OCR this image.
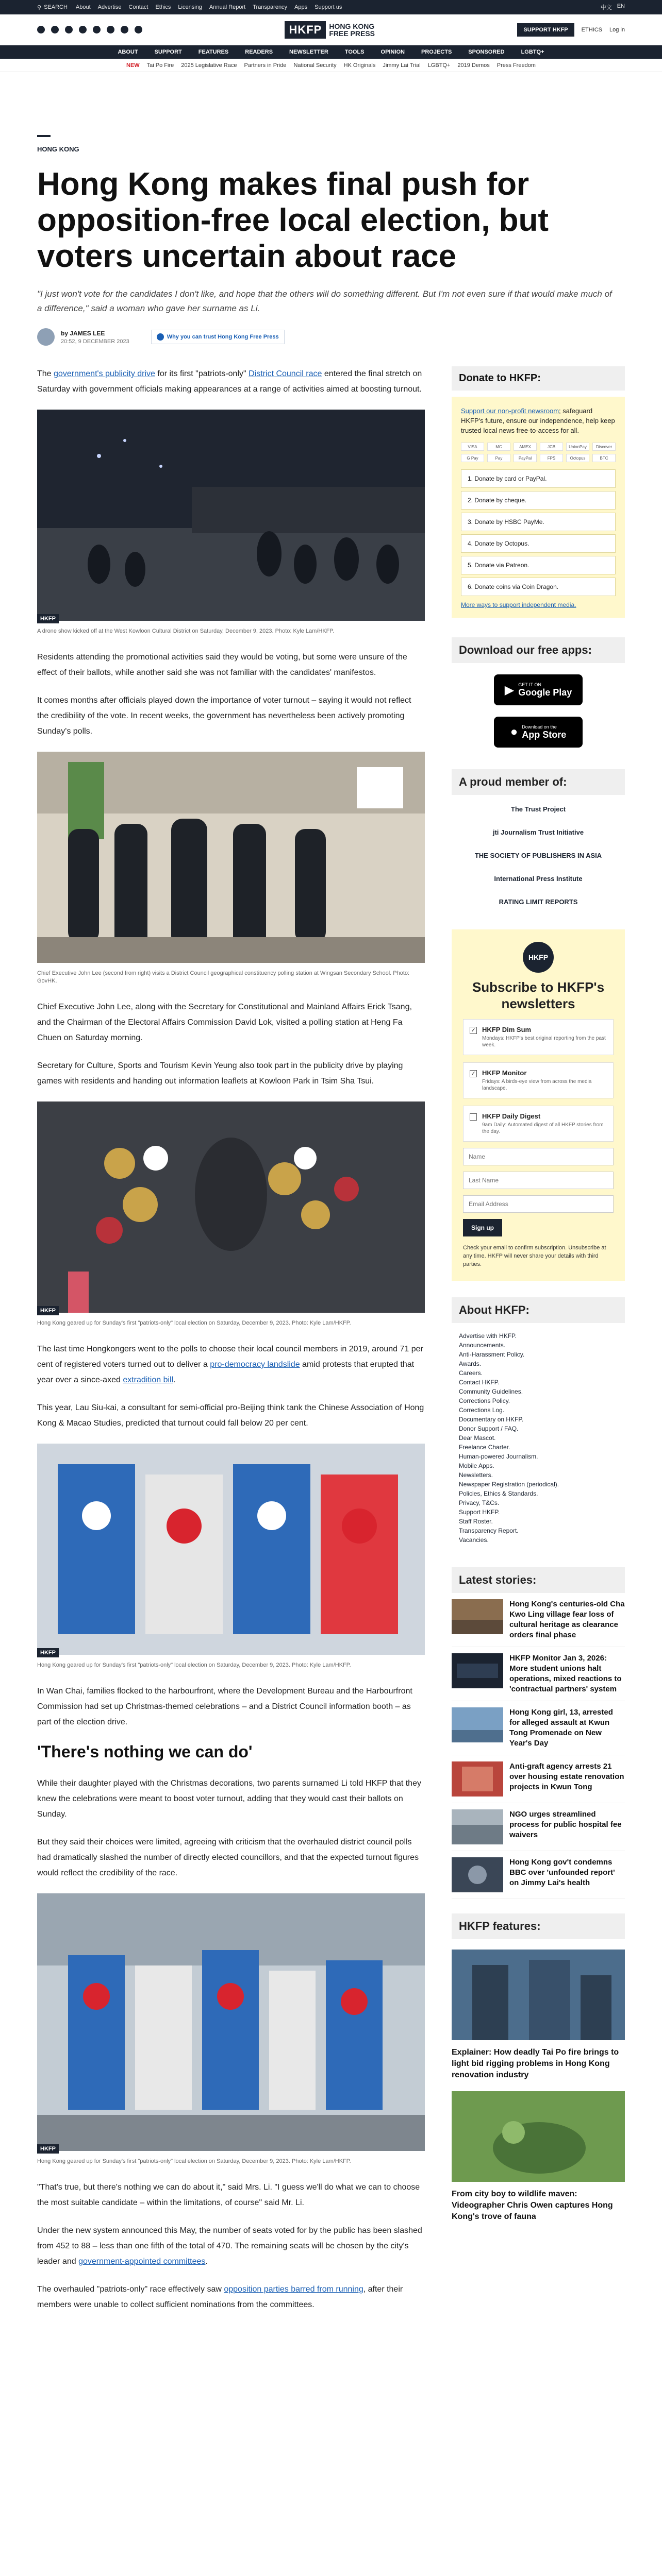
⚲ SEARCH About Advertise Contact Ethics Licensing Annual Report Transparency Apps Support us	中文 EN
HKFP	HONG KONG
FREE PRESS	SUPPORT HKFP	ETHICS Log in
ABOUT	SUPPORT	FEATURES	READERS	NEWSLETTER	TOOLS	OPINION	PROJECTS	SPONSORED	LGBTQ+
NEW Tai Po Fire 2025 Legislative Race Partners in Pride National Security HK Originals Jimmy Lai Trial LGBTQ+ 2019 Demos Press Freedom
HONG KONG
Hong Kong makes final push for opposition-free local election, but voters uncertain about race
"I just won't vote for the candidates I don't like, and hope that the others will do something different. But I'm not even sure if that would make much of a difference," said a woman who gave her surname as Li.
by JAMES LEE
20:52, 9 DECEMBER 2023
Why you can trust Hong Kong Free Press

The government's publicity drive for its first "patriots-only" District Council race entered the final stretch on Saturday with government officials making appearances at a range of activities aimed at boosting turnout.

HKFP
A drone show kicked off at the West Kowloon Cultural District on Saturday, December 9, 2023. Photo: Kyle Lam/HKFP.

Residents attending the promotional activities said they would be voting, but some were unsure of the effect of their ballots, while another said she was not familiar with the candidates' manifestos.

It comes months after officials played down the importance of voter turnout – saying it would not reflect the credibility of the vote. In recent weeks, the government has nevertheless been actively promoting Sunday's polls.

Chief Executive John Lee (second from right) visits a District Council geographical constituency polling station at Wingsan Secondary School. Photo: GovHK.

Chief Executive John Lee, along with the Secretary for Constitutional and Mainland Affairs Erick Tsang, and the Chairman of the Electoral Affairs Commission David Lok, visited a polling station at Heng Fa Chuen on Saturday morning.

Secretary for Culture, Sports and Tourism Kevin Yeung also took part in the publicity drive by playing games with residents and handing out information leaflets at Kowloon Park in Tsim Sha Tsui.

HKFP
Hong Kong geared up for Sunday's first "patriots-only" local election on Saturday, December 9, 2023. Photo: Kyle Lam/HKFP.

The last time Hongkongers went to the polls to choose their local council members in 2019, around 71 per cent of registered voters turned out to deliver a pro-democracy landslide amid protests that erupted that year over a since-axed extradition bill.

This year, Lau Siu-kai, a consultant for semi-official pro-Beijing think tank the Chinese Association of Hong Kong & Macao Studies, predicted that turnout could fall below 20 per cent.

HKFP
Hong Kong geared up for Sunday's first "patriots-only" local election on Saturday, December 9, 2023. Photo: Kyle Lam/HKFP.

In Wan Chai, families flocked to the harbourfront, where the Development Bureau and the Harbourfront Commission had set up Christmas-themed celebrations – and a District Council information booth – as part of the election drive.

'There's nothing we can do'

While their daughter played with the Christmas decorations, two parents surnamed Li told HKFP that they knew the celebrations were meant to boost voter turnout, adding that they would cast their ballots on Sunday.

But they said their choices were limited, agreeing with criticism that the overhauled district council polls had dramatically slashed the number of directly elected councillors, and that the expected turnout figures would reflect the credibility of the race.

HKFP
Hong Kong geared up for Sunday's first "patriots-only" local election on Saturday, December 9, 2023. Photo: Kyle Lam/HKFP.

"That's true, but there's nothing we can do about it," said Mrs. Li. "I guess we'll do what we can to choose the most suitable candidate – within the limitations, of course" said Mr. Li.

Under the new system announced this May, the number of seats voted for by the public has been slashed from 452 to 88 – less than one fifth of the total of 470. The remaining seats will be chosen by the city's leader and government-appointed committees.

The overhauled "patriots-only" race effectively saw opposition parties barred from running, after their members were unable to collect sufficient nominations from the committees.

Donate to HKFP:

Support our non-profit newsroom; safeguard HKFP's future, ensure our independence, help keep trusted local news free-to-access for all.

VISA	MC	AMEX	JCB	UnionPay	Discover
G Pay	Pay	PayPal	FPS	Octopus	BTC
1. Donate by card or PayPal.
2. Donate by cheque.
3. Donate by HSBC PayMe.
4. Donate by Octopus.
5. Donate via Patreon.
6. Donate coins via Coin Dragon.
More ways to support independent media.
Download our free apps:
▶ GET IT ON
Google Play
● Download on the
App Store
A proud member of:
The Trust Project
jti Journalism Trust Initiative
THE SOCIETY OF PUBLISHERS IN ASIA
International Press Institute
RATING LIMIT REPORTS
HKFP
Subscribe to HKFP's newsletters
✓ HKFP Dim Sum
Mondays: HKFP's best original reporting from the past week.
✓ HKFP Monitor
Fridays: A birds-eye view from across the media landscape.
HKFP Daily Digest
9am Daily: Automated digest of all HKFP stories from the day.
Name Last Name Email Address Sign up
Check your email to confirm subscription. Unsubscribe at any time. HKFP will never share your details with third parties.
About HKFP:
Advertise with HKFP.
Announcements.
Anti-Harassment Policy.
Awards.
Careers.
Contact HKFP.
Community Guidelines.
Corrections Policy.
Corrections Log.
Documentary on HKFP.
Donor Support / FAQ.
Dear Mascot.
Freelance Charter.
Human-powered Journalism.
Mobile Apps.
Newsletters.
Newspaper Registration (periodical).
Policies, Ethics & Standards.
Privacy, T&Cs.
Support HKFP.
Staff Roster.
Transparency Report.
Vacancies.
Latest stories:
Hong Kong's centuries-old Cha Kwo Ling village fear loss of cultural heritage as clearance orders final phase
HKFP Monitor Jan 3, 2026: More student unions halt operations, mixed reactions to 'contractual partners' system
Hong Kong girl, 13, arrested for alleged assault at Kwun Tong Promenade on New Year's Day
Anti-graft agency arrests 21 over housing estate renovation projects in Kwun Tong
NGO urges streamlined process for public hospital fee waivers
Hong Kong gov't condemns BBC over 'unfounded report' on Jimmy Lai's health
HKFP features:
Explainer: How deadly Tai Po fire brings to light bid rigging problems in Hong Kong renovation industry
From city boy to wildlife maven: Videographer Chris Owen captures Hong Kong's trove of fauna
